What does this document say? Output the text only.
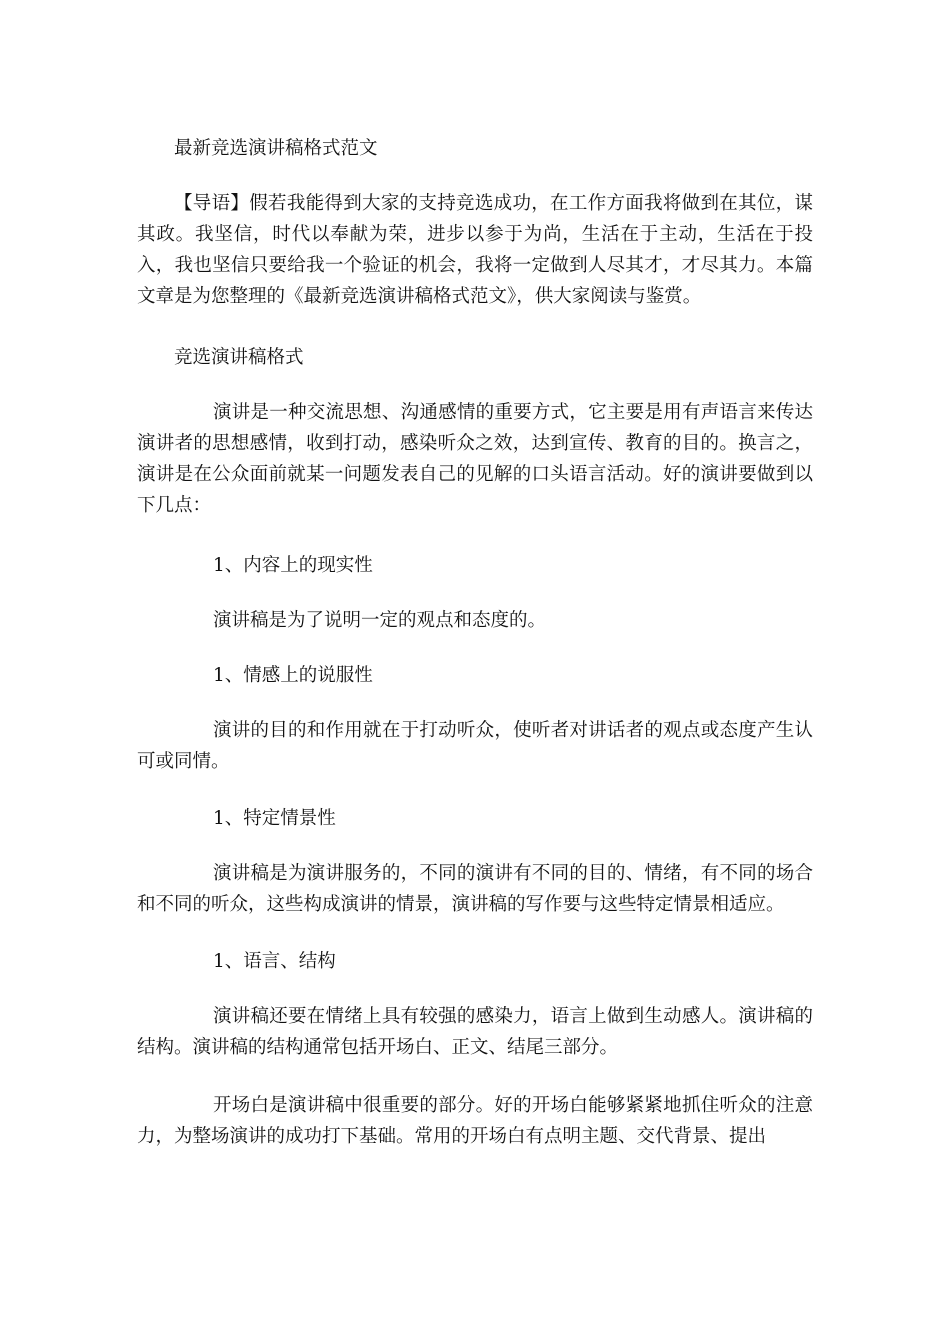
最新竞选演讲稿格式范文

【导语】假若我能得到大家的支持竞选成功，在工作方面我将做到在其位，谋其政。我坚信，时代以奉献为荣，进步以参于为尚，生活在于主动，生活在于投入，我也坚信只要给我一个验证的机会，我将一定做到人尽其才，才尽其力。本篇文章是为您整理的《最新竞选演讲稿格式范文》，供大家阅读与鉴赏。

竞选演讲稿格式

演讲是一种交流思想、沟通感情的重要方式，它主要是用有声语言来传达演讲者的思想感情，收到打动，感染听众之效，达到宣传、教育的目的。换言之，演讲是在公众面前就某一问题发表自己的见解的口头语言活动。好的演讲要做到以下几点：

1、内容上的现实性

演讲稿是为了说明一定的观点和态度的。

1、情感上的说服性

演讲的目的和作用就在于打动听众，使听者对讲话者的观点或态度产生认可或同情。

1、特定情景性

演讲稿是为演讲服务的，不同的演讲有不同的目的、情绪，有不同的场合和不同的听众，这些构成演讲的情景，演讲稿的写作要与这些特定情景相适应。

1、语言、结构

演讲稿还要在情绪上具有较强的感染力，语言上做到生动感人。演讲稿的结构。演讲稿的结构通常包括开场白、正文、结尾三部分。

开场白是演讲稿中很重要的部分。好的开场白能够紧紧地抓住听众的注意力，为整场演讲的成功打下基础。常用的开场白有点明主题、交代背景、提出
